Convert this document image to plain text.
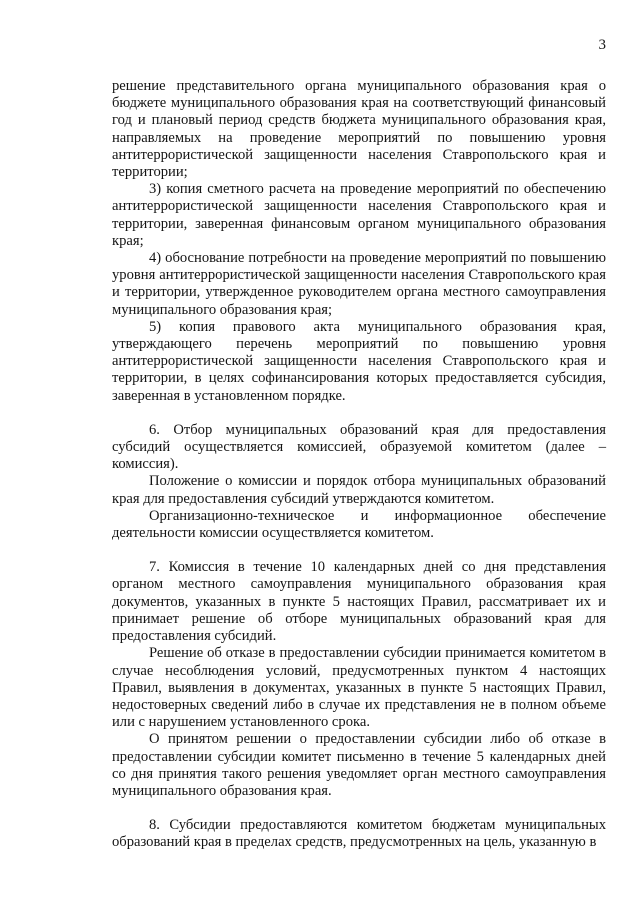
3

решение представительного органа муниципального образования края о бюджете муниципального образования края на соответствующий финансовый год и плановый период средств бюджета муниципального образования края, направляемых на проведение мероприятий по повышению уровня антитеррористической защищенности населения Ставропольского края и территории;

3) копия сметного расчета на проведение мероприятий по обеспечению антитеррористической защищенности населения Ставропольского края и территории, заверенная финансовым органом муниципального образования края;

4) обоснование потребности на проведение мероприятий по повышению уровня антитеррористической защищенности населения Ставропольского края и территории, утвержденное руководителем органа местного самоуправления муниципального образования края;

5) копия правового акта муниципального образования края, утверждающего перечень мероприятий по повышению уровня антитеррористической защищенности населения Ставропольского края и территории, в целях софинансирования которых предоставляется субсидия, заверенная в установленном порядке.

6. Отбор муниципальных образований края для предоставления субсидий осуществляется комиссией, образуемой комитетом (далее – комиссия).

Положение о комиссии и порядок отбора муниципальных образований края для предоставления субсидий утверждаются комитетом.

Организационно-техническое и информационное обеспечение деятельности комиссии осуществляется комитетом.

7. Комиссия в течение 10 календарных дней со дня представления органом местного самоуправления муниципального образования края документов, указанных в пункте 5 настоящих Правил, рассматривает их и принимает решение об отборе муниципальных образований края для предоставления субсидий.

Решение об отказе в предоставлении субсидии принимается комитетом в случае несоблюдения условий, предусмотренных пунктом 4 настоящих Правил, выявления в документах, указанных в пункте 5 настоящих Правил, недостоверных сведений либо в случае их представления не в полном объеме или с нарушением установленного срока.

О принятом решении о предоставлении субсидии либо об отказе в предоставлении субсидии комитет письменно в течение 5 календарных дней со дня принятия такого решения уведомляет орган местного самоуправления муниципального образования края.

8. Субсидии предоставляются комитетом бюджетам муниципальных образований края в пределах средств, предусмотренных на цель, указанную в
